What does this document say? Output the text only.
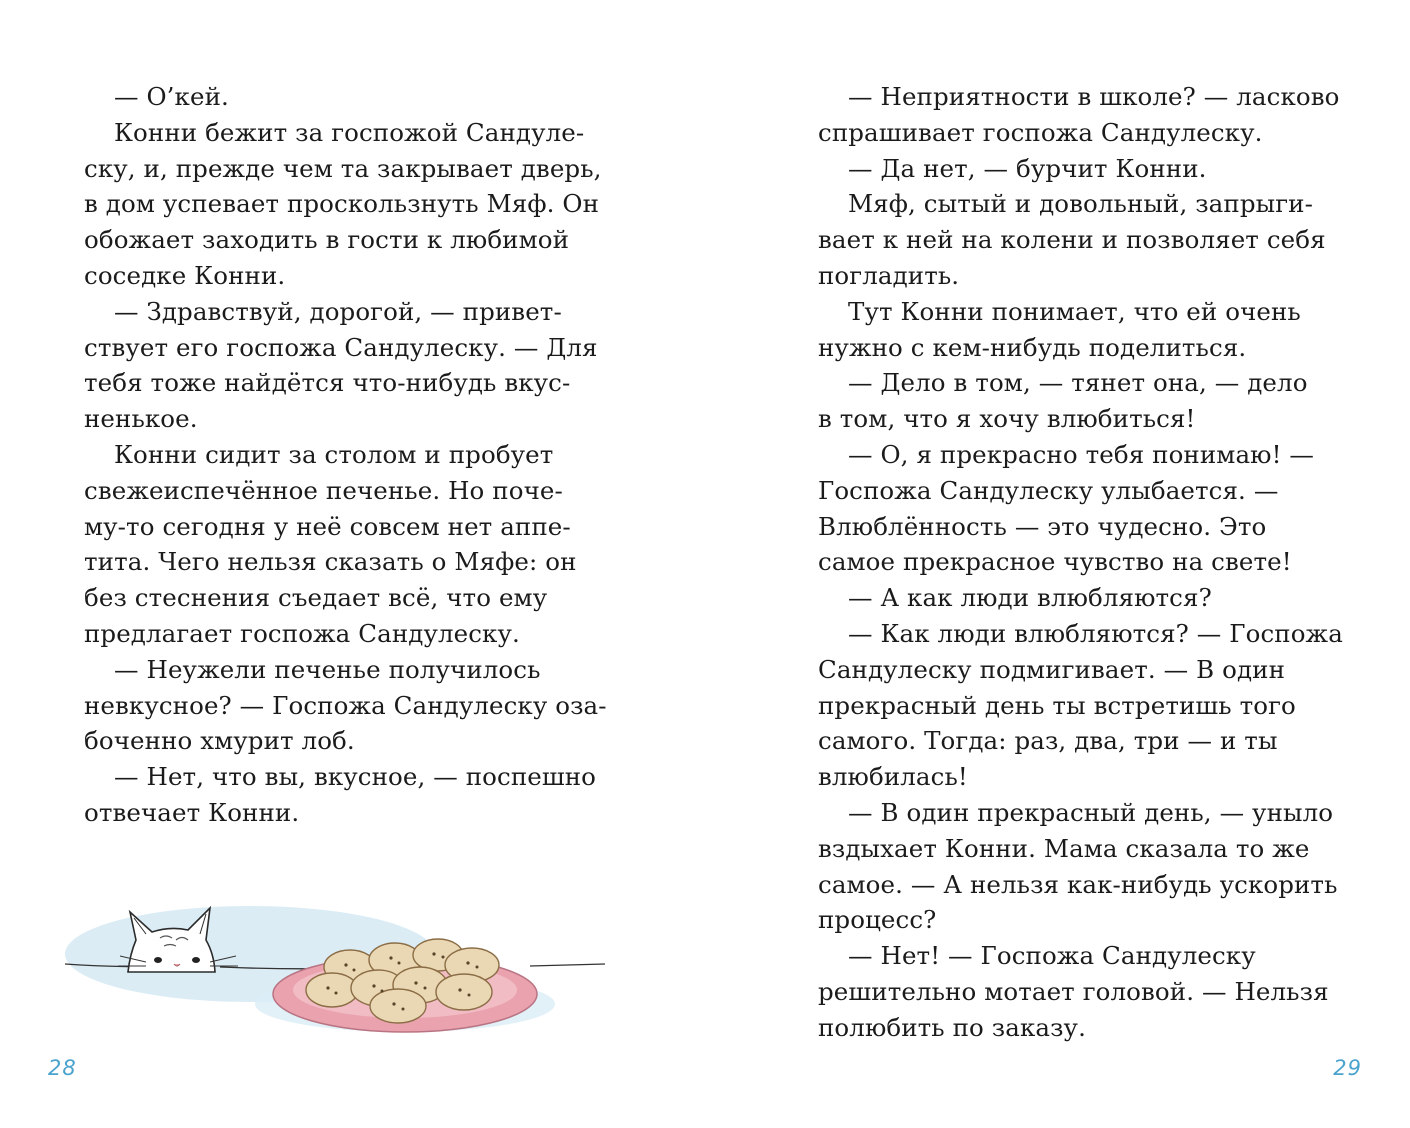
— О’кей.
Конни бежит за госпожой Сандуле-
ску, и, прежде чем та закрывает дверь,
в дом успевает проскользнуть Мяф. Он
обожает заходить в гости к любимой
соседке Конни.
— Здравствуй, дорогой, — привет-
ствует его госпожа Сандулеску. — Для
тебя тоже найдётся что-нибудь вкус-
ненькое.
Конни сидит за столом и пробует
свежеиспечённое печенье. Но поче-
му-то сегодня у неё совсем нет аппе-
тита. Чего нельзя сказать о Мяфе: он
без стеснения съедает всё, что ему
предлагает госпожа Сандулеску.
— Неужели печенье получилось
невкусное? — Госпожа Сандулеску оза-
боченно хмурит лоб.
— Нет, что вы, вкусное, — поспешно
отвечает Конни.
28
— Неприятности в школе? — ласково
спрашивает госпожа Сандулеску.
— Да нет, — бурчит Конни.
Мяф, сытый и довольный, запрыги-
вает к ней на колени и позволяет себя
погладить.
Тут Конни понимает, что ей очень
нужно с кем-нибудь поделиться.
— Дело в том, — тянет она, — дело
в том, что я хочу влюбиться!
— О, я прекрасно тебя понимаю! —
Госпожа Сандулеску улыбается. —
Влюблённость — это чудесно. Это
самое прекрасное чувство на свете!
— А как люди влюбляются?
— Как люди влюбляются? — Госпожа
Сандулеску подмигивает. — В один
прекрасный день ты встретишь того
самого. Тогда: раз, два, три — и ты
влюбилась!
— В один прекрасный день, — уныло
вздыхает Конни. Мама сказала то же
самое. — А нельзя как-нибудь ускорить
процесс?
— Нет! — Госпожа Сандулеску
решительно мотает головой. — Нельзя
полюбить по заказу.
29
